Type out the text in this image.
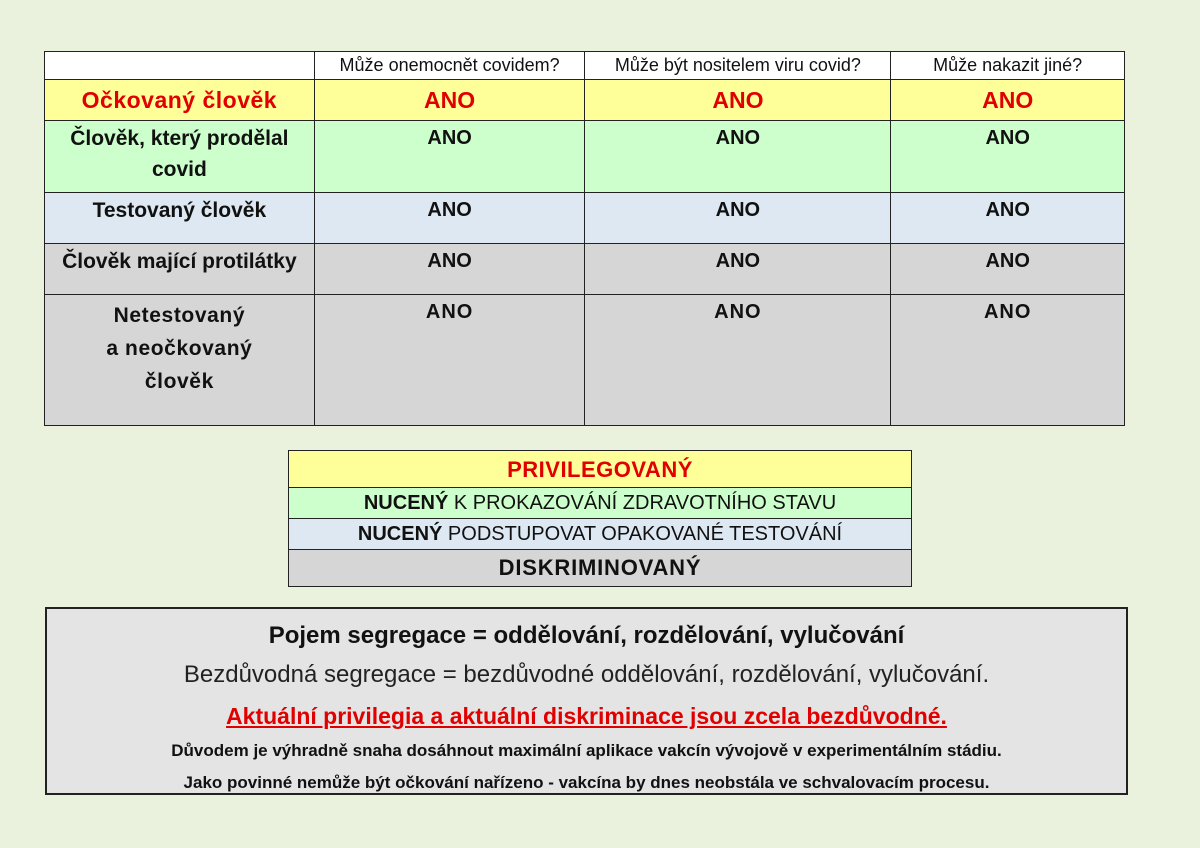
	Může onemocnět covidem?	Může být nositelem viru covid?	Může nakazit jiné?
Očkovaný člověk	ANO	ANO	ANO
Člověk, který prodělal
covid	ANO	ANO	ANO
Testovaný člověk	ANO	ANO	ANO
Člověk mající protilátky	ANO	ANO	ANO
Netestovaný
a neočkovaný
člověk	ANO	ANO	ANO
PRIVILEGOVANÝ
NUCENÝ K PROKAZOVÁNÍ ZDRAVOTNÍHO STAVU
NUCENÝ PODSTUPOVAT OPAKOVANÉ TESTOVÁNÍ
DISKRIMINOVANÝ
Pojem segregace = oddělování, rozdělování, vylučování
Bezdůvodná segregace = bezdůvodné oddělování, rozdělování, vylučování.
Aktuální privilegia a aktuální diskriminace jsou zcela bezdůvodné.
Důvodem je výhradně snaha dosáhnout maximální aplikace vakcín vývojově v experimentálním stádiu.
Jako povinné nemůže být očkování nařízeno - vakcína by dnes neobstála ve schvalovacím procesu.
